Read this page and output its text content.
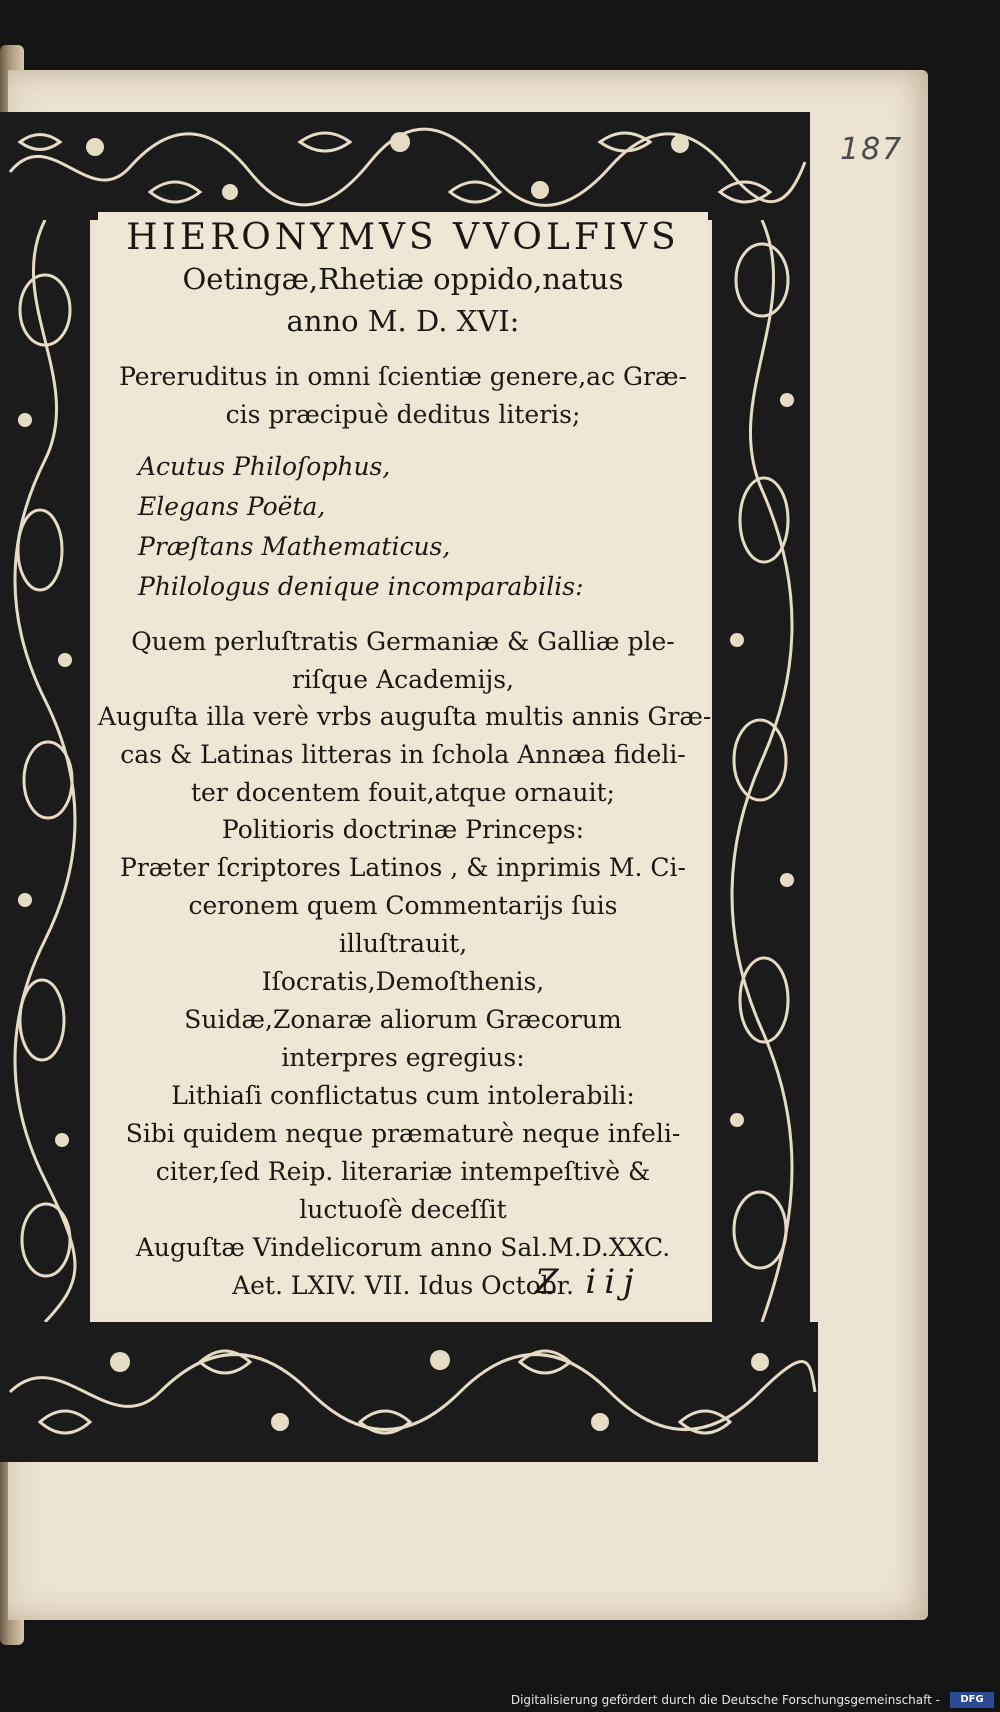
187
HIERONYMVS VVOLFIVS
Oetingæ,Rhetiæ oppido,natus
anno M. D. XVI:
Pereruditus in omni ſcientiæ genere,ac Græ-
cis præcipuè deditus literis;
Acutus Philoſophus,
Elegans Poëta,
Præſtans Mathematicus,
Philologus denique incomparabilis:
Quem perluſtratis Germaniæ & Galliæ ple-
riſque Academijs,
Auguſta illa verè vrbs auguſta multis annis Græ-
cas & Latinas litteras in ſchola Annæa fideli-
ter docentem fouit,atque ornauit;
Politioris doctrinæ Princeps:
Præter ſcriptores Latinos , & inprimis M. Ci-
ceronem quem Commentarijs ſuis
illuſtrauit,
Iſocratis,Demoſthenis,
Suidæ,Zonaræ aliorum Græcorum
interpres egregius:
Lithiaſi conflictatus cum intolerabili:
Sibi quidem neque præmaturè neque infeli-
citer,ſed Reip. literariæ intempeſtivè &
luctuoſè deceſſit
Auguſtæ Vindelicorum anno Sal.M.D.XXC.
Aet. LXIV. VII. Idus Octobr.
Z iij
Digitalisierung gefördert durch die Deutsche Forschungsgemeinschaft -	DFG
